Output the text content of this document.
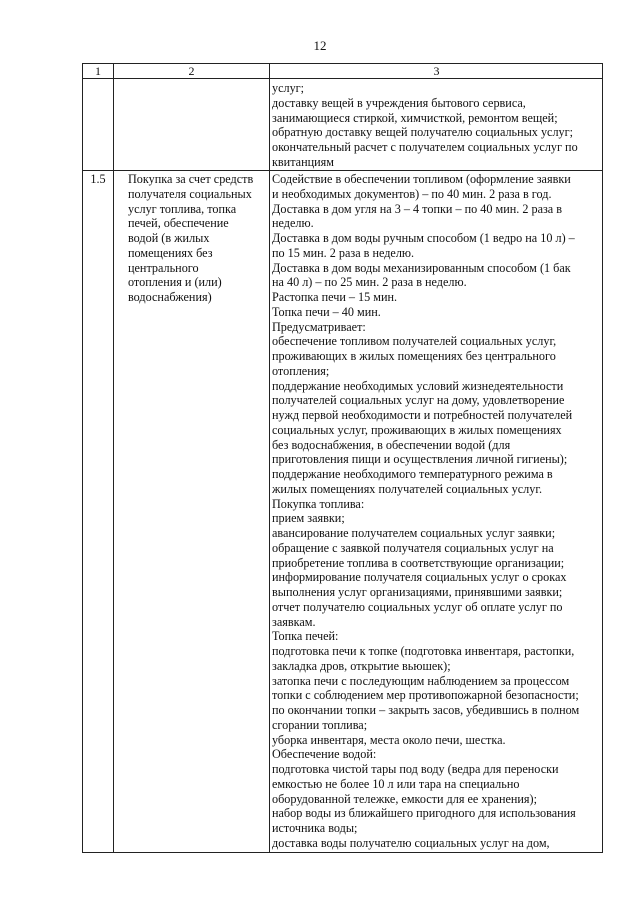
12
1	2	3
услуг;
доставку вещей в учреждения бытового сервиса,
занимающиеся стиркой, химчисткой, ремонтом вещей;
обратную доставку вещей получателю социальных услуг;
окончательный расчет с получателем социальных услуг по
квитанциям
1.5 Покупка за счет средств
получателя социальных
услуг топлива, топка
печей, обеспечение
водой (в жилых
помещениях без
центрального
отопления и (или)
водоснабжения)
Содействие в обеспечении топливом (оформление заявки
и необходимых документов) – по 40 мин. 2 раза в год.
Доставка в дом угля на 3 – 4 топки – по 40 мин. 2 раза в
неделю.
Доставка в дом воды ручным способом (1 ведро на 10 л) –
по 15 мин. 2 раза в неделю.
Доставка в дом воды механизированным способом (1 бак
на 40 л) – по 25 мин. 2 раза в неделю.
Растопка печи – 15 мин.
Топка печи – 40 мин.
Предусматривает:
обеспечение топливом получателей социальных услуг,
проживающих в жилых помещениях без центрального
отопления;
поддержание необходимых условий жизнедеятельности
получателей социальных услуг на дому, удовлетворение
нужд первой необходимости и потребностей получателей
социальных услуг, проживающих в жилых помещениях
без водоснабжения, в обеспечении водой (для
приготовления пищи и осуществления личной гигиены);
поддержание необходимого температурного режима в
жилых помещениях получателей социальных услуг.
Покупка топлива:
прием заявки;
авансирование получателем социальных услуг заявки;
обращение с заявкой получателя социальных услуг на
приобретение топлива в соответствующие организации;
информирование получателя социальных услуг о сроках
выполнения услуг организациями, принявшими заявки;
отчет получателю социальных услуг об оплате услуг по
заявкам.
Топка печей:
подготовка печи к топке (подготовка инвентаря, растопки,
закладка дров, открытие вьюшек);
затопка печи с последующим наблюдением за процессом
топки с соблюдением мер противопожарной безопасности;
по окончании топки – закрыть засов, убедившись в полном
сгорании топлива;
уборка инвентаря, места около печи, шестка.
Обеспечение водой:
подготовка чистой тары под воду (ведра для переноски
емкостью не более 10 л или тара на специально
оборудованной тележке, емкости для ее хранения);
набор воды из ближайшего пригодного для использования
источника воды;
доставка воды получателю социальных услуг на дом,
